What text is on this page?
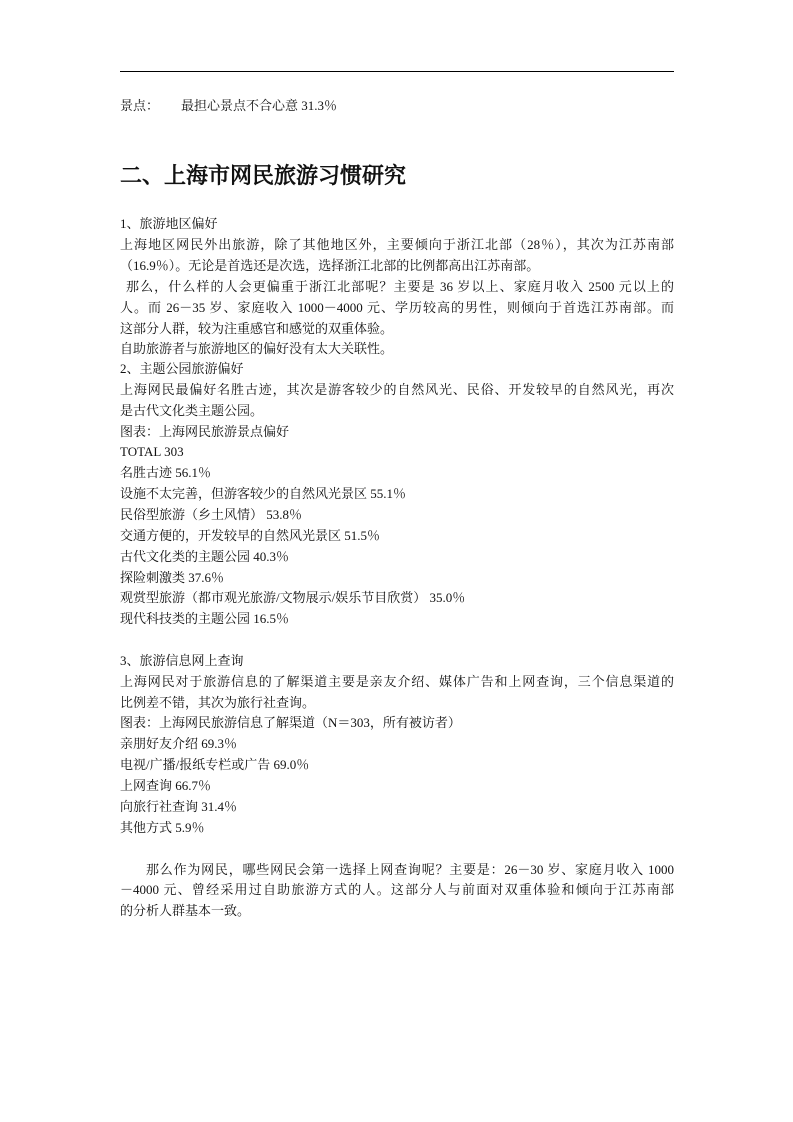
景点： 最担心景点不合心意 31.3％
二、上海市网民旅游习惯研究
1、旅游地区偏好
上海地区网民外出旅游，除了其他地区外，主要倾向于浙江北部（28％），其次为江苏南部
（16.9％）。无论是首选还是次选，选择浙江北部的比例都高出江苏南部。
那么，什么样的人会更偏重于浙江北部呢？主要是 36 岁以上、家庭月收入 2500 元以上的
人。而 26－35 岁、家庭收入 1000－4000 元、学历较高的男性，则倾向于首选江苏南部。而
这部分人群，较为注重感官和感觉的双重体验。
自助旅游者与旅游地区的偏好没有太大关联性。
2、主题公园旅游偏好
上海网民最偏好名胜古迹，其次是游客较少的自然风光、民俗、开发较早的自然风光，再次
是古代文化类主题公园。
图表：上海网民旅游景点偏好
TOTAL 303
名胜古迹 56.1％
设施不太完善，但游客较少的自然风光景区 55.1％
民俗型旅游（乡土风情） 53.8％
交通方便的，开发较早的自然风光景区 51.5％
古代文化类的主题公园 40.3％
探险刺激类 37.6％
观赏型旅游（都市观光旅游/文物展示/娱乐节目欣赏） 35.0％
现代科技类的主题公园 16.5％
3、旅游信息网上查询
上海网民对于旅游信息的了解渠道主要是亲友介绍、媒体广告和上网查询，三个信息渠道的
比例差不错，其次为旅行社查询。
图表：上海网民旅游信息了解渠道（N＝303，所有被访者）
亲朋好友介绍 69.3％
电视/广播/报纸专栏或广告 69.0％
上网查询 66.7％
向旅行社查询 31.4％
其他方式 5.9％
那么作为网民，哪些网民会第一选择上网查询呢？主要是：26－30 岁、家庭月收入 1000
－4000 元、曾经采用过自助旅游方式的人。这部分人与前面对双重体验和倾向于江苏南部
的分析人群基本一致。
